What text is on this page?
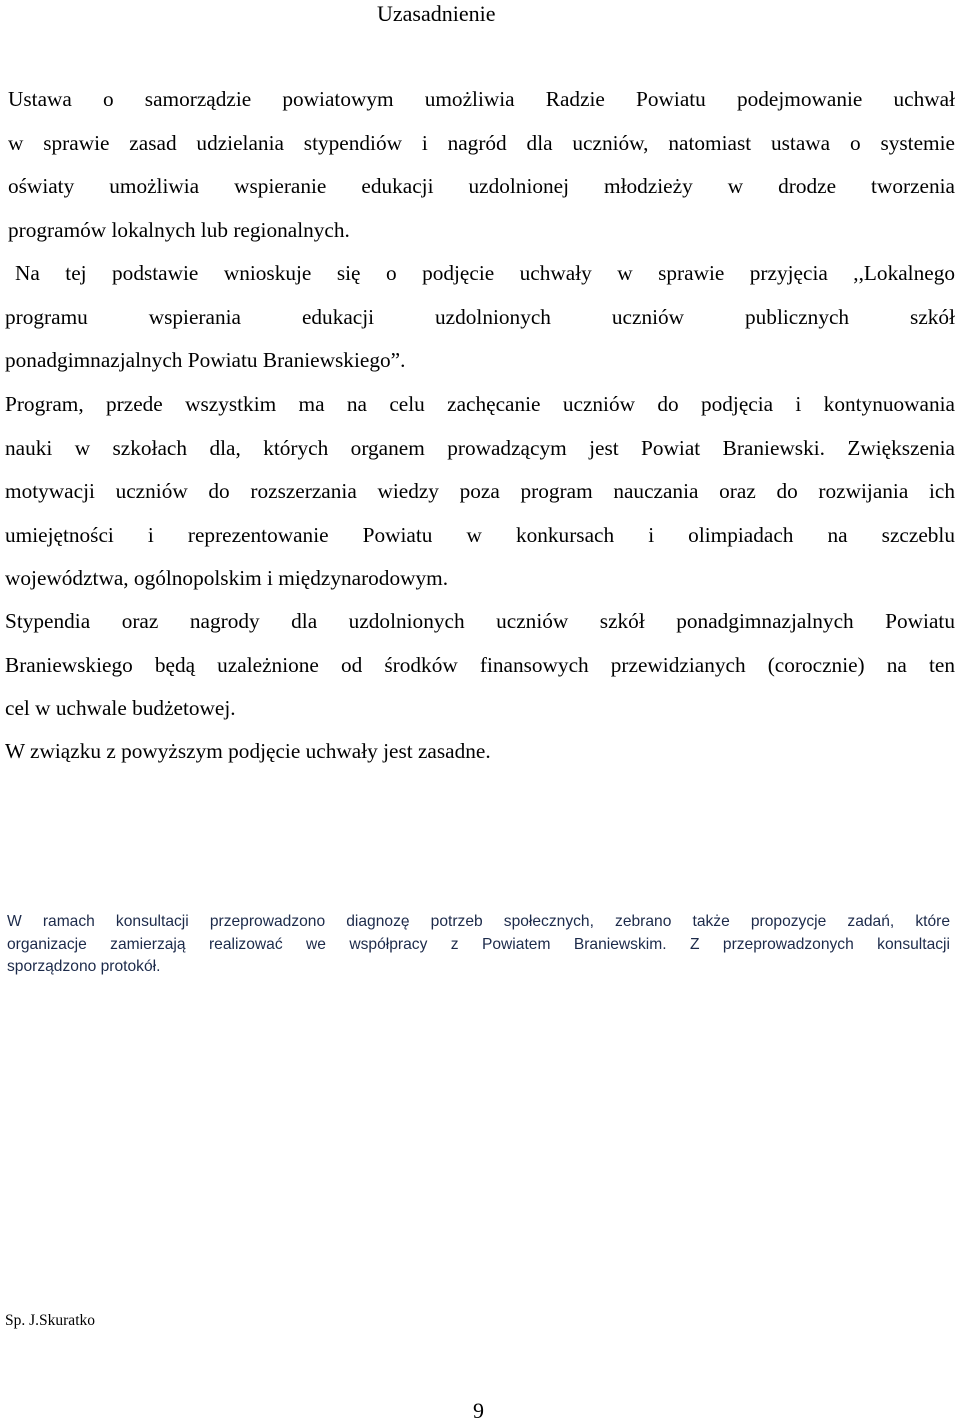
Uzasadnienie
Ustawa o samorządzie powiatowym umożliwia Radzie Powiatu podejmowanie uchwał
w sprawie zasad udzielania stypendiów i nagród dla uczniów, natomiast ustawa o systemie
oświaty umożliwia wspieranie edukacji uzdolnionej młodzieży w drodze tworzenia
programów lokalnych lub regionalnych.
Na tej podstawie wnioskuje się o podjęcie uchwały w sprawie przyjęcia ,,Lokalnego
programu wspierania edukacji uzdolnionych uczniów publicznych szkół
ponadgimnazjalnych Powiatu Braniewskiego”.
Program, przede wszystkim ma na celu zachęcanie uczniów do podjęcia i kontynuowania
nauki w szkołach dla, których organem prowadzącym jest Powiat Braniewski. Zwiększenia
motywacji uczniów do rozszerzania wiedzy poza program nauczania oraz do rozwijania ich
umiejętności i reprezentowanie Powiatu w konkursach i olimpiadach na szczeblu
województwa, ogólnopolskim i międzynarodowym.
Stypendia oraz nagrody dla uzdolnionych uczniów szkół ponadgimnazjalnych Powiatu
Braniewskiego będą uzależnione od środków finansowych przewidzianych (corocznie) na ten
cel w uchwale budżetowej.
W związku z powyższym podjęcie uchwały jest zasadne.
W ramach konsultacji przeprowadzono diagnozę potrzeb społecznych, zebrano także propozycje zadań, które
organizacje zamierzają realizować we współpracy z Powiatem Braniewskim. Z przeprowadzonych konsultacji
sporządzono protokół.

Sp. J.Skuratko

9
